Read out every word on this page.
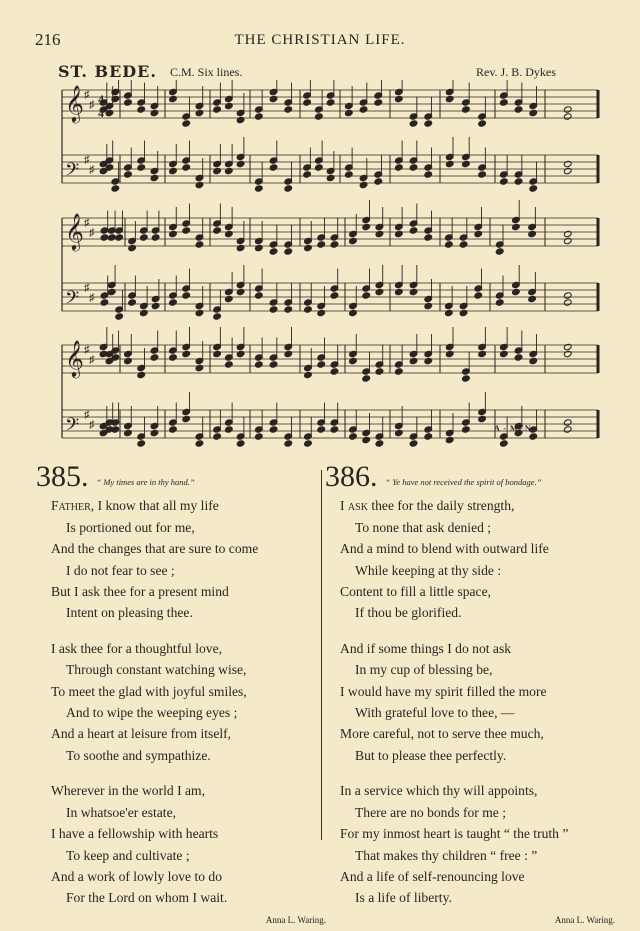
216	THE CHRISTIAN LIFE.
ST. BEDE. C.M. Six lines.	Rev. J. B. Dykes
𝄞 ♯
♯
𝄢 ♯
♯
4
4
𝄞 ♯
♯
𝄢 ♯
♯
𝄞 ♯
♯
𝄢 ♯
♯	A - MEN.
385. “ My times are in thy hand.”
Father, I know that all my life
Is portioned out for me,
And the changes that are sure to come
I do not fear to see ;
But I ask thee for a present mind
Intent on pleasing thee.
I ask thee for a thoughtful love,
Through constant watching wise,
To meet the glad with joyful smiles,
And to wipe the weeping eyes ;
And a heart at leisure from itself,
To soothe and sympathize.
Wherever in the world I am,
In whatsoe'er estate,
I have a fellowship with hearts
To keep and cultivate ;
And a work of lowly love to do
For the Lord on whom I wait.
Anna L. Waring.
386. “ Ye have not received the spirit of bondage.”
I ask thee for the daily strength,
To none that ask denied ;
And a mind to blend with outward life
While keeping at thy side :
Content to fill a little space,
If thou be glorified.
And if some things I do not ask
In my cup of blessing be,
I would have my spirit filled the more
With grateful love to thee, —
More careful, not to serve thee much,
But to please thee perfectly.
In a service which thy will appoints,
There are no bonds for me ;
For my inmost heart is taught “ the truth ”
That makes thy children “ free : ”
And a life of self-renouncing love
Is a life of liberty.
Anna L. Waring.
